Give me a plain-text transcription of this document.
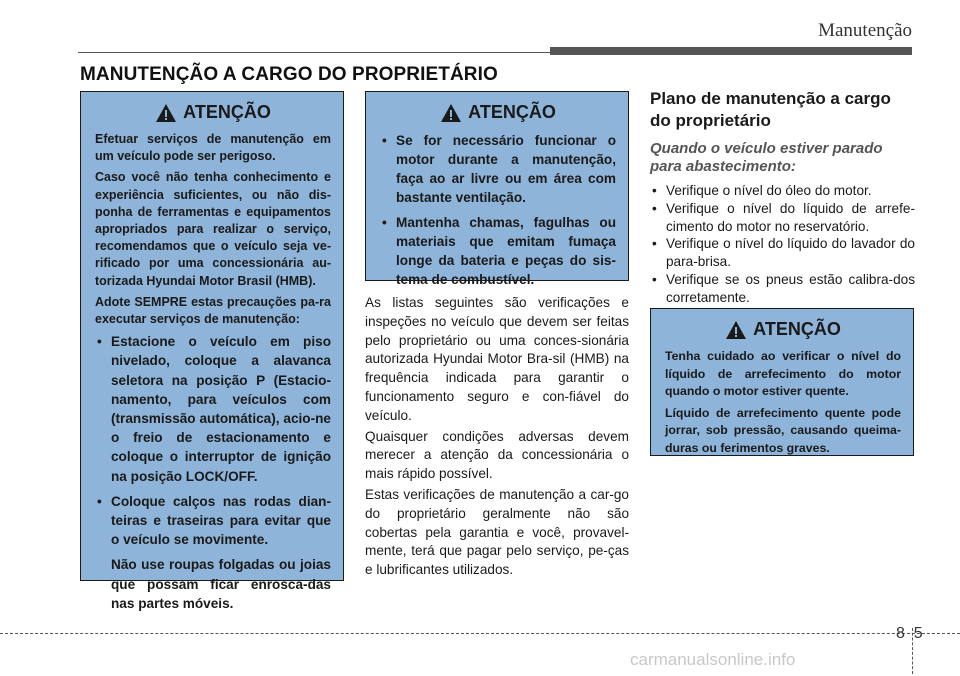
Manutenção
MANUTENÇÃO A CARGO DO PROPRIETÁRIO
ATENÇÃO

Efetuar serviços de manutenção em um veículo pode ser perigoso.

Caso você não tenha conhecimento e experiência suficientes, ou não dis-ponha de ferramentas e equipamentos apropriados para realizar o serviço, recomendamos que o veículo seja ve-rificado por uma concessionária au-torizada Hyundai Motor Brasil (HMB).

Adote SEMPRE estas precauções pa-ra executar serviços de manutenção:

• Estacione o veículo em piso nivelado, coloque a alavanca seletora na posição P (Estacio-namento, para veículos com (transmissão automática), acio-ne o freio de estacionamento e coloque o interruptor de ignição na posição LOCK/OFF.
• Coloque calços nas rodas dian-teiras e traseiras para evitar que o veículo se movimente.
Não use roupas folgadas ou joias que possam ficar enrosca-das nas partes móveis.
ATENÇÃO
• Se for necessário funcionar o motor durante a manutenção, faça ao ar livre ou em área com bastante ventilação.
• Mantenha chamas, fagulhas ou materiais que emitam fumaça longe da bateria e peças do sis-tema de combustível.

As listas seguintes são verificações e inspeções no veículo que devem ser feitas pelo proprietário ou uma conces-sionária autorizada Hyundai Motor Bra-sil (HMB) na frequência indicada para garantir o funcionamento seguro e con-fiável do veículo.

Quaisquer condições adversas devem merecer a atenção da concessionária o mais rápido possível.

Estas verificações de manutenção a car-go do proprietário geralmente não são cobertas pela garantia e você, provavel-mente, terá que pagar pelo serviço, pe-ças e lubrificantes utilizados.

Plano de manutenção a cargo do proprietário
Quando o veículo estiver parado para abastecimento:
• Verifique o nível do óleo do motor.
• Verifique o nível do líquido de arrefe-cimento do motor no reservatório.
• Verifique o nível do líquido do lavador do para-brisa.
• Verifique se os pneus estão calibra-dos corretamente.
ATENÇÃO

Tenha cuidado ao verificar o nível do líquido de arrefecimento do motor quando o motor estiver quente.

Líquido de arrefecimento quente pode jorrar, sob pressão, causando queima-duras ou ferimentos graves.

8 5
carmanualsonline.info
